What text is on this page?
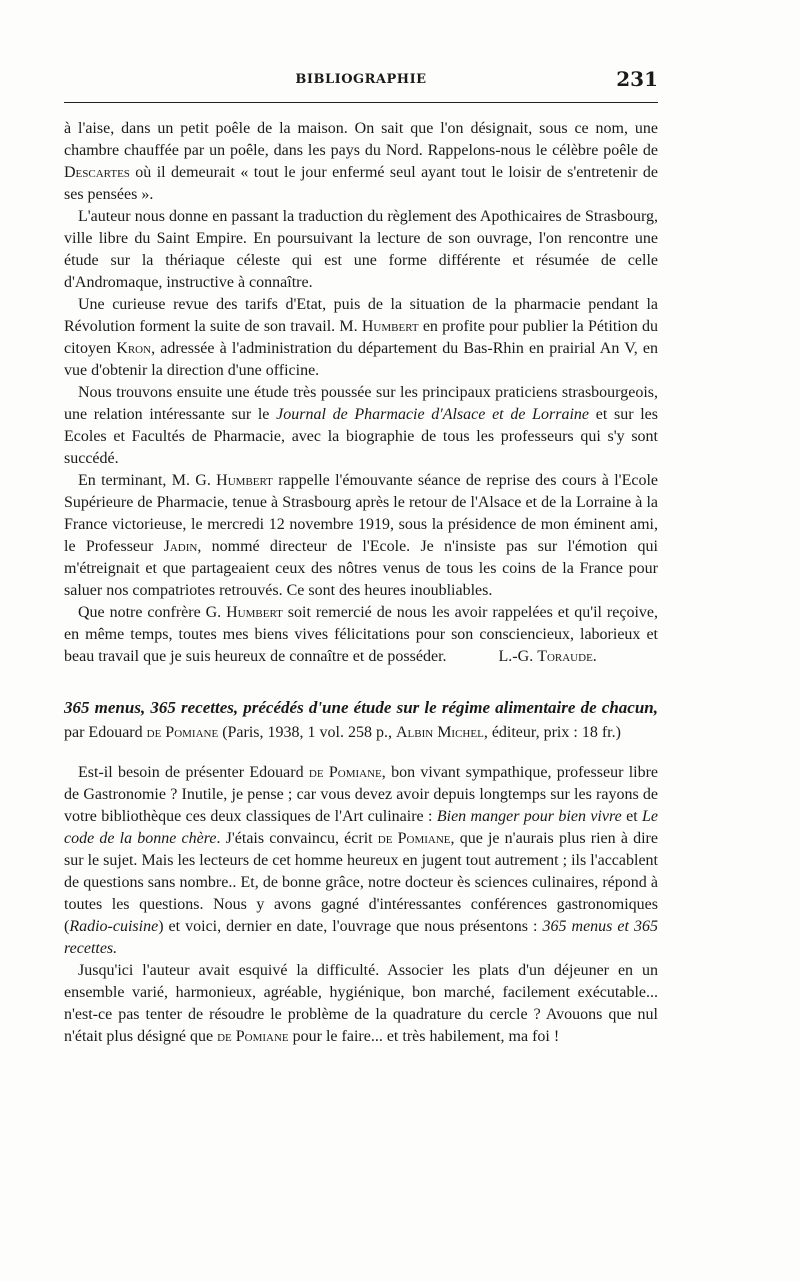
BIBLIOGRAPHIE	231

à l'aise, dans un petit poêle de la maison. On sait que l'on désignait, sous ce nom, une chambre chauffée par un poêle, dans les pays du Nord. Rappelons-nous le célèbre poêle de Descartes où il demeurait « tout le jour enfermé seul ayant tout le loisir de s'entretenir de ses pensées ».

L'auteur nous donne en passant la traduction du règlement des Apothicaires de Strasbourg, ville libre du Saint Empire. En poursuivant la lecture de son ouvrage, l'on rencontre une étude sur la thériaque céleste qui est une forme différente et résumée de celle d'Andromaque, instructive à connaître.

Une curieuse revue des tarifs d'Etat, puis de la situation de la pharmacie pendant la Révolution forment la suite de son travail. M. Humbert en profite pour publier la Pétition du citoyen Kron, adressée à l'administration du département du Bas-Rhin en prairial An V, en vue d'obtenir la direction d'une officine.

Nous trouvons ensuite une étude très poussée sur les principaux praticiens strasbourgeois, une relation intéressante sur le Journal de Pharmacie d'Alsace et de Lorraine et sur les Ecoles et Facultés de Pharmacie, avec la biographie de tous les professeurs qui s'y sont succédé.

En terminant, M. G. Humbert rappelle l'émouvante séance de reprise des cours à l'Ecole Supérieure de Pharmacie, tenue à Strasbourg après le retour de l'Alsace et de la Lorraine à la France victorieuse, le mercredi 12 novembre 1919, sous la présidence de mon éminent ami, le Professeur Jadin, nommé directeur de l'Ecole. Je n'insiste pas sur l'émotion qui m'étreignait et que partageaient ceux des nôtres venus de tous les coins de la France pour saluer nos compatriotes retrouvés. Ce sont des heures inoubliables.

Que notre confrère G. Humbert soit remercié de nous les avoir rappelées et qu'il reçoive, en même temps, toutes mes biens vives félicitations pour son consciencieux, laborieux et beau travail que je suis heureux de connaître et de posséder.	L.-G. Toraude.

365 menus, 365 recettes, précédés d'une étude sur le régime alimentaire de chacun, par Edouard de Pomiane (Paris, 1938, 1 vol. 258 p., Albin Michel, éditeur, prix : 18 fr.)

Est-il besoin de présenter Edouard de Pomiane, bon vivant sympathique, professeur libre de Gastronomie ? Inutile, je pense ; car vous devez avoir depuis longtemps sur les rayons de votre bibliothèque ces deux classiques de l'Art culinaire : Bien manger pour bien vivre et Le code de la bonne chère. J'étais convaincu, écrit de Pomiane, que je n'aurais plus rien à dire sur le sujet. Mais les lecteurs de cet homme heureux en jugent tout autrement ; ils l'accablent de questions sans nombre.. Et, de bonne grâce, notre docteur ès sciences culinaires, répond à toutes les questions. Nous y avons gagné d'intéressantes conférences gastronomiques (Radio-cuisine) et voici, dernier en date, l'ouvrage que nous présentons : 365 menus et 365 recettes.

Jusqu'ici l'auteur avait esquivé la difficulté. Associer les plats d'un déjeuner en un ensemble varié, harmonieux, agréable, hygiénique, bon marché, facilement exécutable... n'est-ce pas tenter de résoudre le problème de la quadrature du cercle ? Avouons que nul n'était plus désigné que de Pomiane pour le faire... et très habilement, ma foi !
